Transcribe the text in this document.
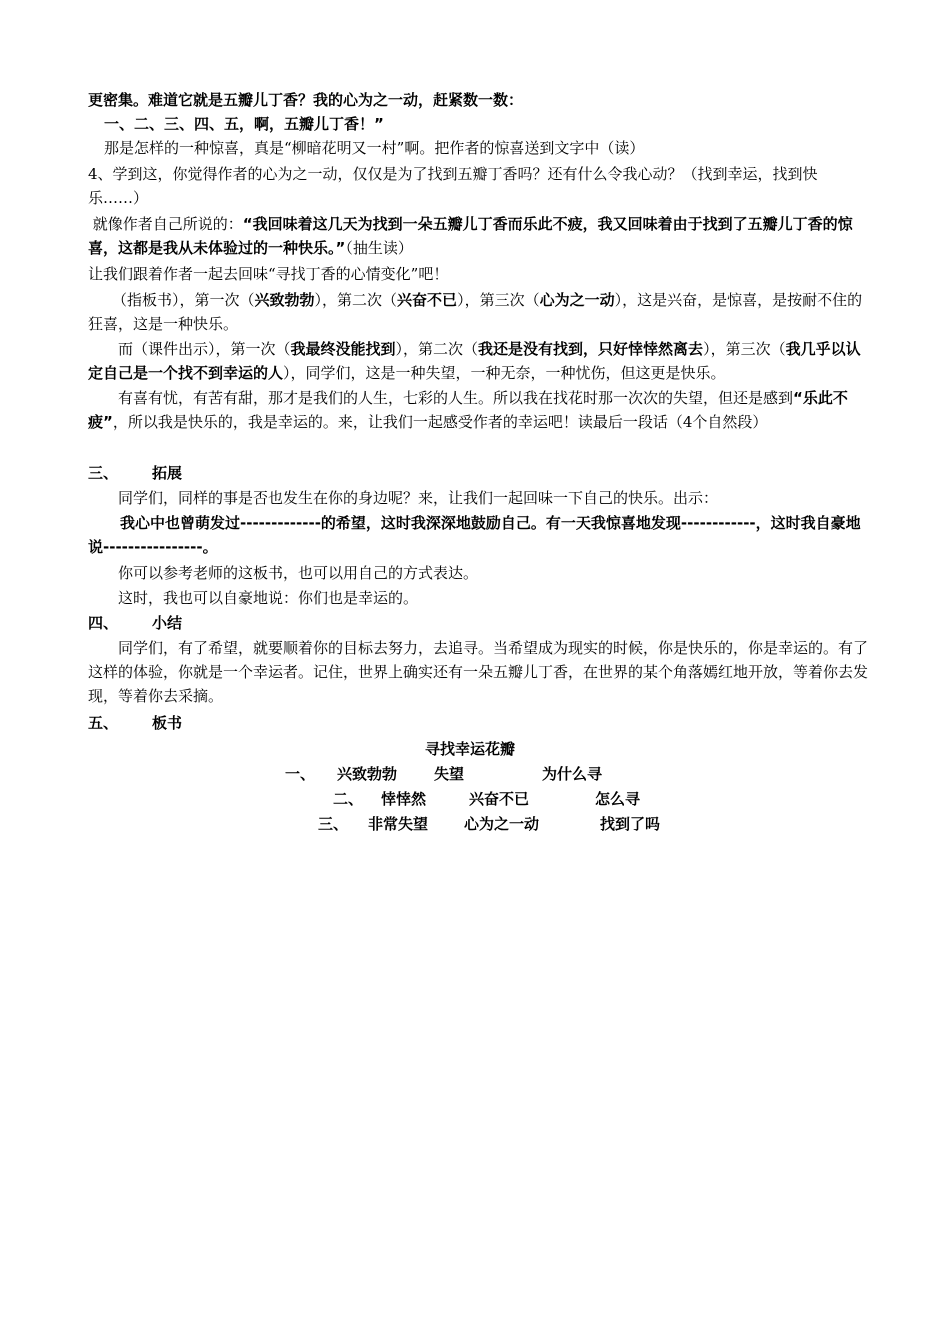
更密集。难道它就是五瓣儿丁香？我的心为之一动，赶紧数一数：

一、二、三、四、五，啊，五瓣儿丁香！”

那是怎样的一种惊喜，真是“柳暗花明又一村”啊。把作者的惊喜送到文字中（读）

4、学到这，你觉得作者的心为之一动，仅仅是为了找到五瓣丁香吗？还有什么令我心动？（找到幸运，找到快乐……）

就像作者自己所说的：“我回味着这几天为找到一朵五瓣儿丁香而乐此不疲，我又回味着由于找到了五瓣儿丁香的惊喜，这都是我从未体验过的一种快乐。”（抽生读）

让我们跟着作者一起去回味“寻找丁香的心情变化”吧！

（指板书），第一次（兴致勃勃），第二次（兴奋不已），第三次（心为之一动），这是兴奋，是惊喜，是按耐不住的狂喜，这是一种快乐。

而（课件出示），第一次（我最终没能找到），第二次（我还是没有找到，只好悻悻然离去），第三次（我几乎以认定自己是一个找不到幸运的人），同学们，这是一种失望，一种无奈，一种忧伤，但这更是快乐。

有喜有忧，有苦有甜，那才是我们的人生，七彩的人生。所以我在找花时那一次次的失望，但还是感到“乐此不疲”，所以我是快乐的，我是幸运的。来，让我们一起感受作者的幸运吧！读最后一段话（4个自然段）

三、 拓展

同学们，同样的事是否也发生在你的身边呢？来，让我们一起回味一下自己的快乐。出示：

我心中也曾萌发过-------------的希望，这时我深深地鼓励自己。有一天我惊喜地发现------------，这时我自豪地说----------------。

你可以参考老师的这板书，也可以用自己的方式表达。

这时，我也可以自豪地说：你们也是幸运的。

四、 小结

同学们，有了希望，就要顺着你的目标去努力，去追寻。当希望成为现实的时候，你是快乐的，你是幸运的。有了这样的体验，你就是一个幸运者。记住，世界上确实还有一朵五瓣儿丁香，在世界的某个角落嫣红地开放，等着你去发现，等着你去采摘。

五、 板书

寻找幸运花瓣
一、 兴致勃勃 失望	为什么寻
二、 悻悻然	兴奋不已	怎么寻
三、 非常失望 心为之一动	找到了吗
